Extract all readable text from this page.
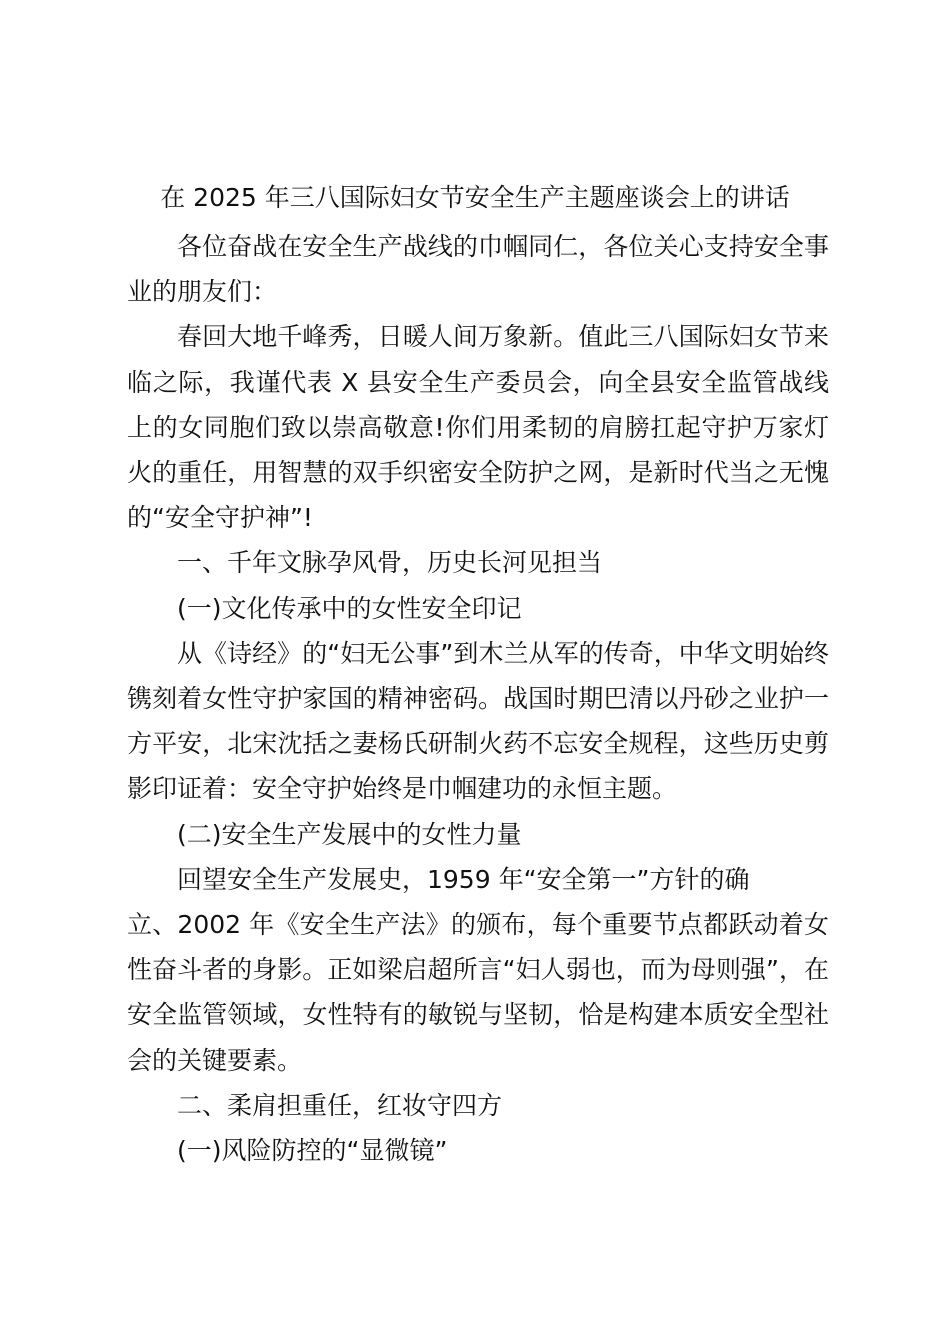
在 2025 年三八国际妇女节安全生产主题座谈会上的讲话

各位奋战在安全生产战线的巾帼同仁，各位关心支持安全事业的朋友们：

春回大地千峰秀，日暖人间万象新。值此三八国际妇女节来临之际，我谨代表 X 县安全生产委员会，向全县安全监管战线上的女同胞们致以崇高敬意!你们用柔韧的肩膀扛起守护万家灯火的重任，用智慧的双手织密安全防护之网，是新时代当之无愧的“安全守护神”!

一、千年文脉孕风骨，历史长河见担当

(一)文化传承中的女性安全印记

从《诗经》的“妇无公事”到木兰从军的传奇，中华文明始终镌刻着女性守护家国的精神密码。战国时期巴清以丹砂之业护一方平安，北宋沈括之妻杨氏研制火药不忘安全规程，这些历史剪影印证着：安全守护始终是巾帼建功的永恒主题。

(二)安全生产发展中的女性力量

回望安全生产发展史，1959 年“安全第一”方针的确
立、2002 年《安全生产法》的颁布，每个重要节点都跃动着女性奋斗者的身影。正如梁启超所言“妇人弱也，而为母则强”，在安全监管领域，女性特有的敏锐与坚韧，恰是构建本质安全型社会的关键要素。

二、柔肩担重任，红妆守四方

(一)风险防控的“显微镜”
